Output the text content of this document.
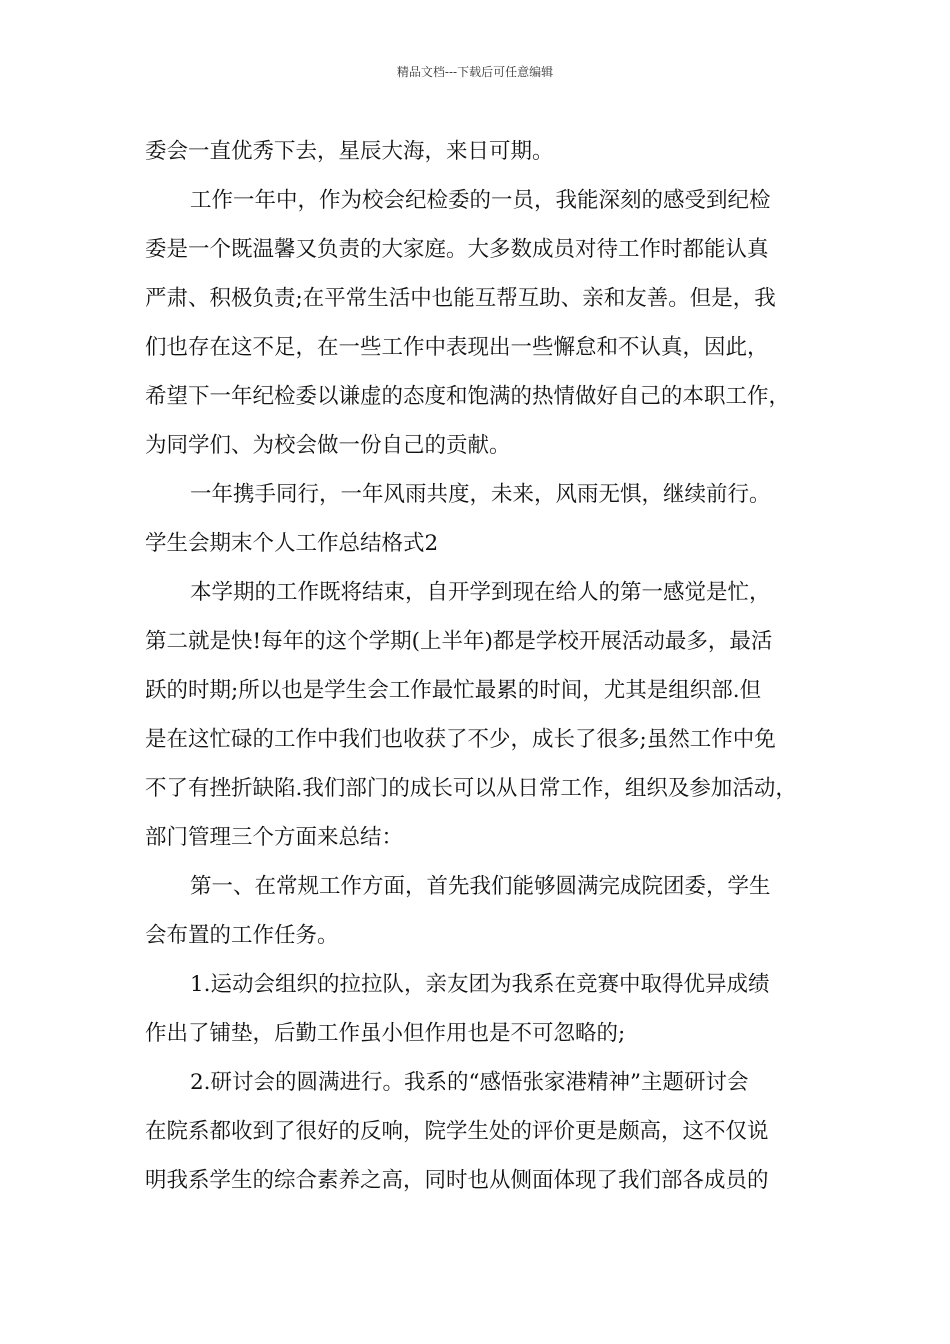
精品文档---下载后可任意编辑
委会一直优秀下去，星辰大海，来日可期。
工作一年中，作为校会纪检委的一员，我能深刻的感受到纪检
委是一个既温馨又负责的大家庭。大多数成员对待工作时都能认真
严肃、积极负责;在平常生活中也能互帮互助、亲和友善。但是，我
们也存在这不足，在一些工作中表现出一些懈怠和不认真，因此，
希望下一年纪检委以谦虚的态度和饱满的热情做好自己的本职工作，
为同学们、为校会做一份自己的贡献。
一年携手同行，一年风雨共度，未来，风雨无惧，继续前行。
学生会期末个人工作总结格式2
本学期的工作既将结束，自开学到现在给人的第一感觉是忙，
第二就是快!每年的这个学期(上半年)都是学校开展活动最多，最活
跃的时期;所以也是学生会工作最忙最累的时间，尤其是组织部.但
是在这忙碌的工作中我们也收获了不少，成长了很多;虽然工作中免
不了有挫折缺陷.我们部门的成长可以从日常工作，组织及参加活动，
部门管理三个方面来总结：
第一、在常规工作方面，首先我们能够圆满完成院团委，学生
会布置的工作任务。
1.运动会组织的拉拉队，亲友团为我系在竞赛中取得优异成绩
作出了铺垫，后勤工作虽小但作用也是不可忽略的;
2.研讨会的圆满进行。我系的“感悟张家港精神”主题研讨会
在院系都收到了很好的反响，院学生处的评价更是颇高，这不仅说
明我系学生的综合素养之高，同时也从侧面体现了我们部各成员的
